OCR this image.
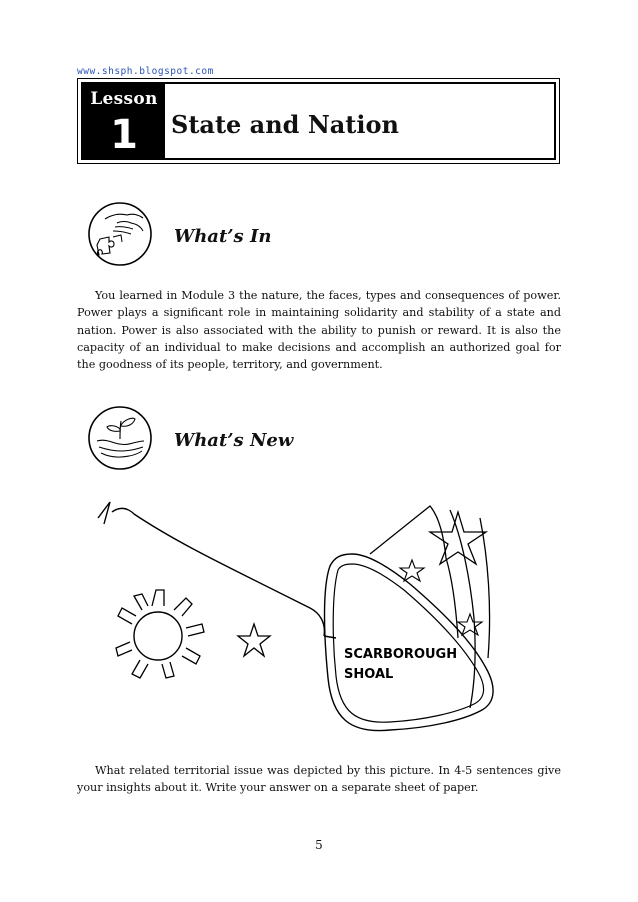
www.shsph.blogspot.com
Lesson
1	State and Nation
What’s In

You learned in Module 3 the nature, the faces, types and consequences of power. Power plays a significant role in maintaining solidarity and stability of a state and nation. Power is also associated with the ability to punish or reward. It is also the capacity of an individual to make decisions and accomplish an authorized goal for the goodness of its people, territory, and government.

What’s New
SCARBOROUGH
SHOAL

What related territorial issue was depicted by this picture. In 4-5 sentences give your insights about it. Write your answer on a separate sheet of paper.

5
